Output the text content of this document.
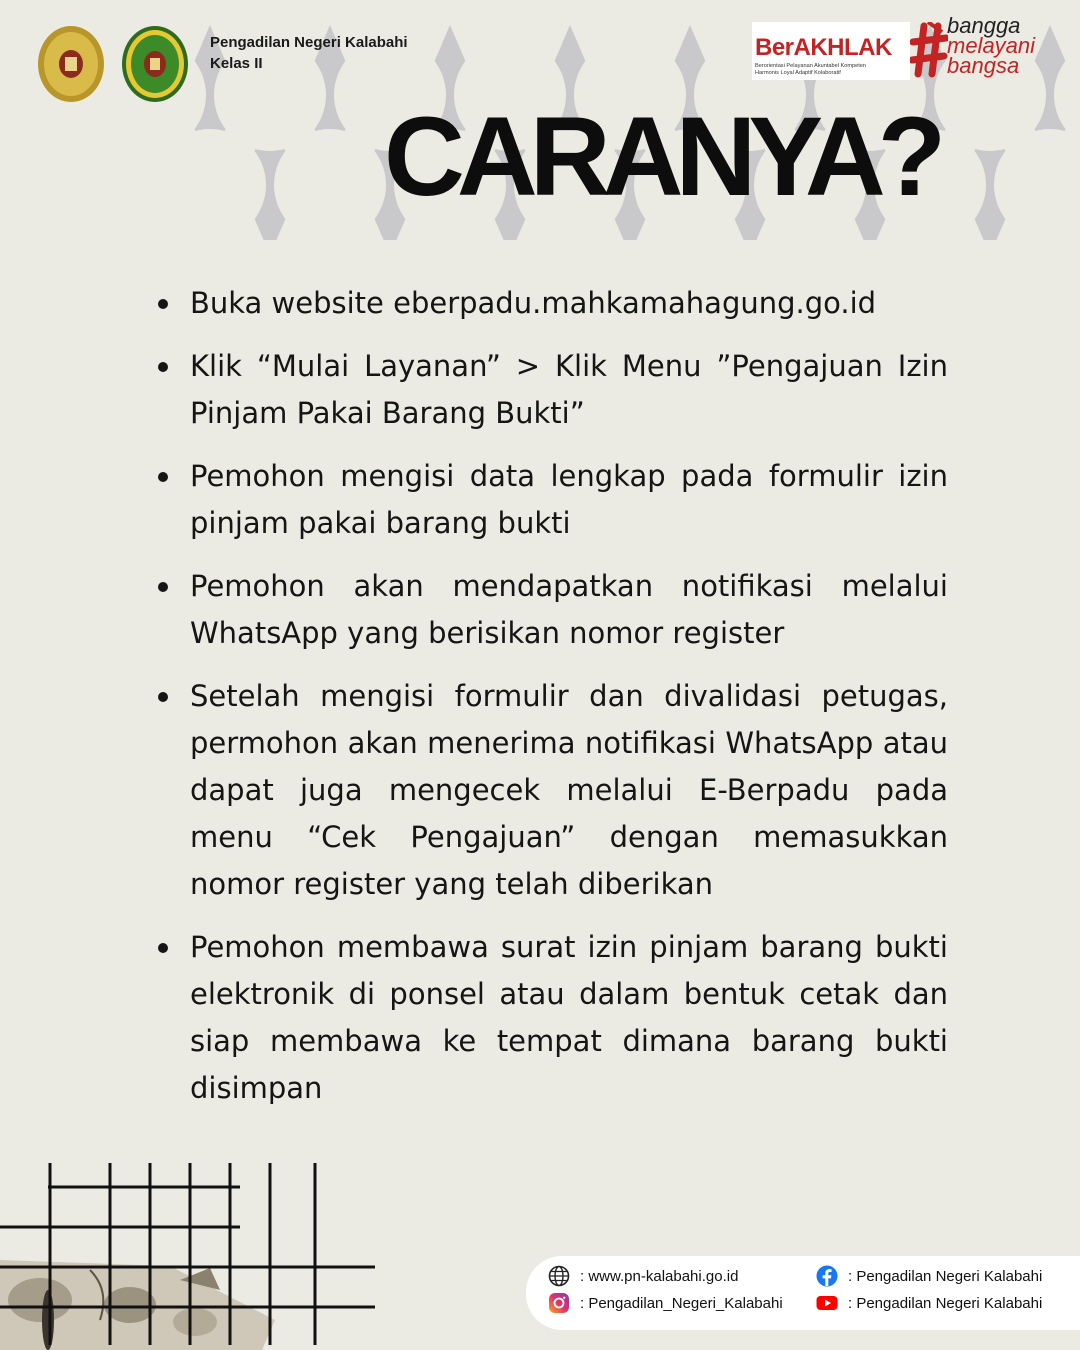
Pengadilan Negeri Kalabahi
Kelas II
BerAKHLAK
Berorientasi Pelayanan Akuntabel Kompeten
Harmonis Loyal Adaptif Kolaboratif
bangga
melayani
bangsa
CARANYA?
Buka website eberpadu.mahkamahagung.go.id
Klik “Mulai Layanan” > Klik Menu ”Pengajuan Izin Pinjam Pakai Barang Bukti”
Pemohon mengisi data lengkap pada formulir izin pinjam pakai barang bukti
Pemohon akan mendapatkan notifikasi melalui WhatsApp yang berisikan nomor register
Setelah mengisi formulir dan divalidasi petugas, permohon akan menerima notifikasi WhatsApp atau dapat juga mengecek melalui E-Berpadu pada menu “Cek Pengajuan” dengan memasukkan nomor register yang telah diberikan
Pemohon membawa surat izin pinjam barang bukti elektronik di ponsel atau dalam bentuk cetak dan siap membawa ke tempat dimana barang bukti disimpan
: www.pn-kalabahi.go.id
: Pengadilan_Negeri_Kalabahi
: Pengadilan Negeri Kalabahi
: Pengadilan Negeri Kalabahi
